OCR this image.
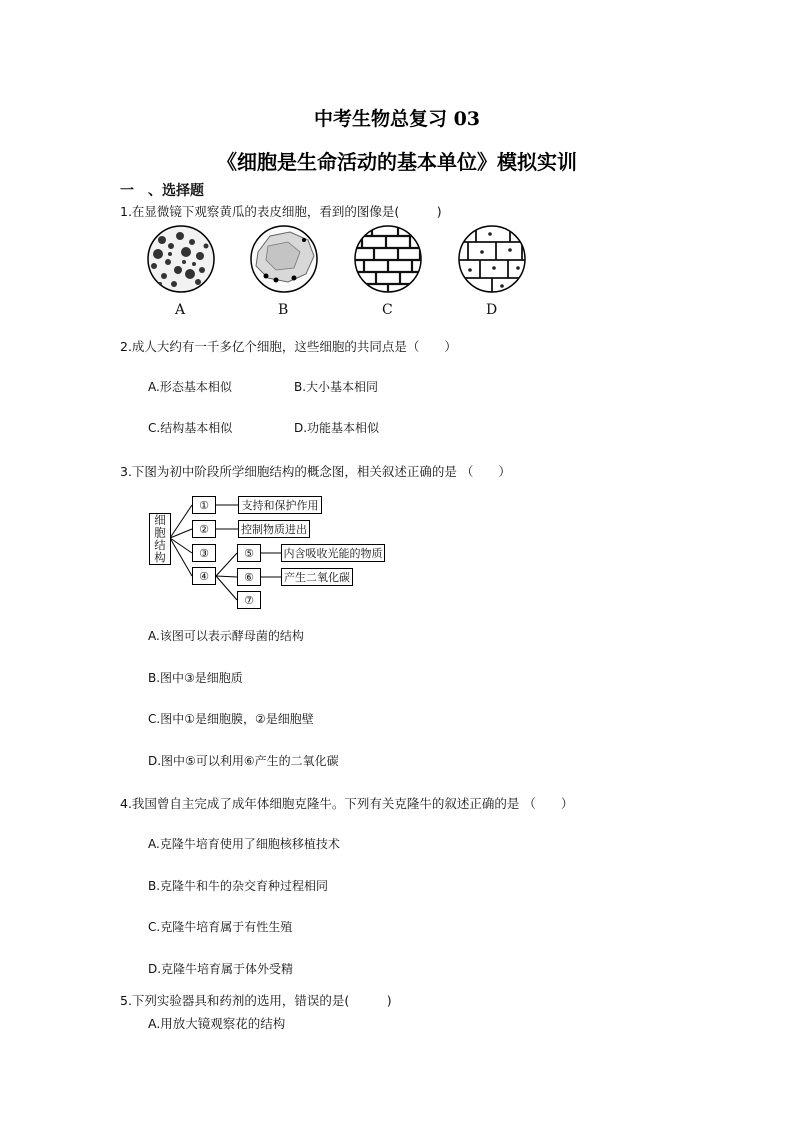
中考生物总复习 03
《细胞是生命活动的基本单位》模拟实训
一　、选择题
1.在显微镜下观察黄瓜的表皮细胞，看到的图像是(　　　)
A	B	C	D
2.成人大约有一千多亿个细胞，这些细胞的共同点是（　　）
A.形态基本相似	B.大小基本相同
C.结构基本相似	D.功能基本相似
3.下图为初中阶段所学细胞结构的概念图，相关叙述正确的是 （　　）
细胞结构
①
②
③
④
⑤
⑥
⑦
支持和保护作用
控制物质进出
内含吸收光能的物质
产生二氧化碳
A.该图可以表示酵母菌的结构
B.图中③是细胞质
C.图中①是细胞膜，②是细胞壁
D.图中⑤可以利用⑥产生的二氧化碳
4.我国曾自主完成了成年体细胞克隆牛。下列有关克隆牛的叙述正确的是 （　　）
A.克隆牛培育使用了细胞核移植技术
B.克隆牛和牛的杂交育种过程相同
C.克隆牛培育属于有性生殖
D.克隆牛培育属于体外受精
5.下列实验器具和药剂的选用，错误的是(　　　)
A.用放大镜观察花的结构
